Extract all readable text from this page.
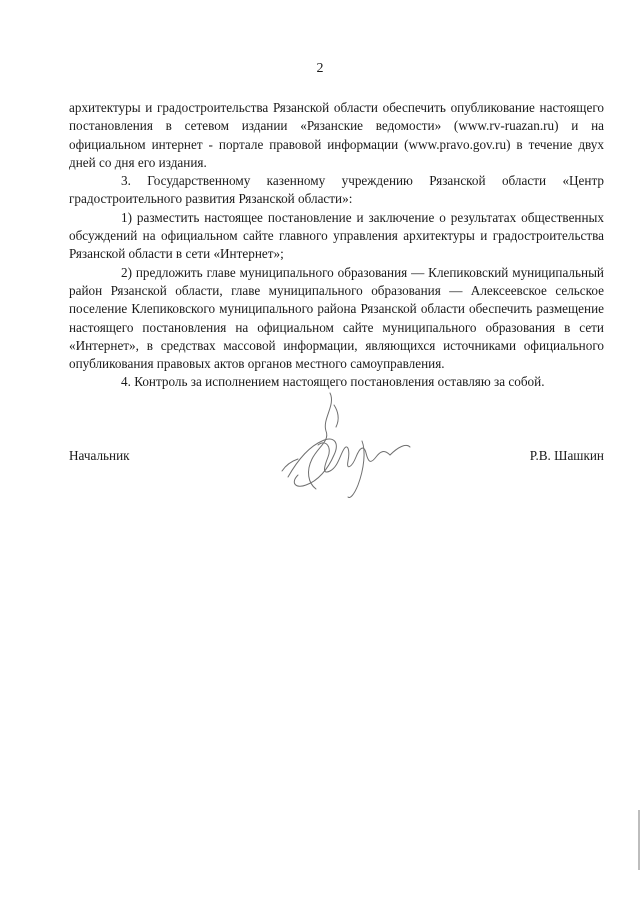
2

архитектуры и градостроительства Рязанской области обеспечить опубликование настоящего постановления в сетевом издании «Рязанские ведомости» (www.rv-ruazan.ru) и на официальном интернет - портале правовой информации (www.pravo.gov.ru) в течение двух дней со дня его издания.

3. Государственному казенному учреждению Рязанской области «Центр градостроительного развития Рязанской области»:

1) разместить настоящее постановление и заключение о результатах общественных обсуждений на официальном сайте главного управления архитектуры и градостроительства Рязанской области в сети «Интернет»;

2) предложить главе муниципального образования — Клепиковский муниципальный район Рязанской области, главе муниципального образования — Алексеевское сельское поселение Клепиковского муниципального района Рязанской области обеспечить размещение настоящего постановления на официальном сайте муниципального образования в сети «Интернет», в средствах массовой информации, являющихся источниками официального опубликования правовых актов органов местного самоуправления.

4. Контроль за исполнением настоящего постановления оставляю за собой.

Начальник	Р.В. Шашкин
